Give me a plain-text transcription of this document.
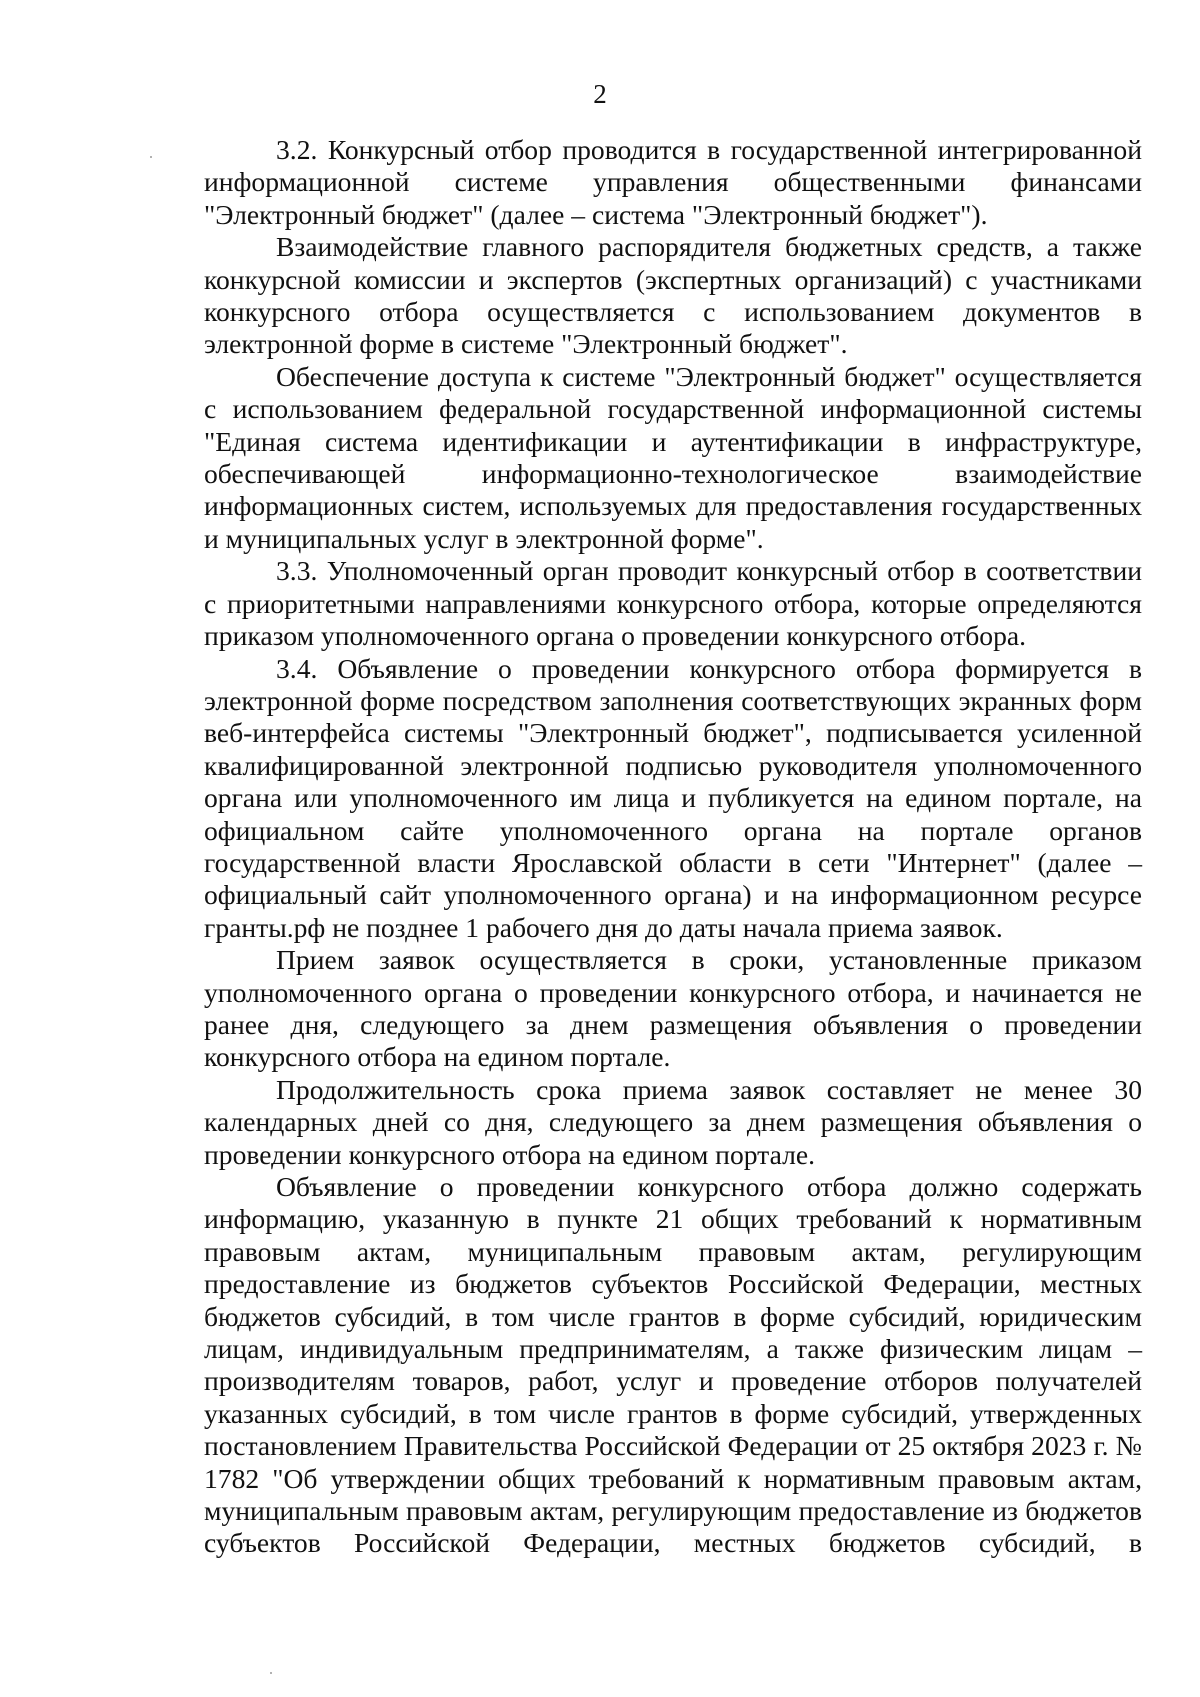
2

3.2. Конкурсный отбор проводится в государственной интегрированной информационной системе управления общественными финансами "Электронный бюджет" (далее – система "Электронный бюджет").

Взаимодействие главного распорядителя бюджетных средств, а также конкурсной комиссии и экспертов (экспертных организаций) с участниками конкурсного отбора осуществляется с использованием документов в электронной форме в системе "Электронный бюджет".

Обеспечение доступа к системе "Электронный бюджет" осуществляется с использованием федеральной государственной информационной системы "Единая система идентификации и аутентификации в инфраструктуре, обеспечивающей информационно-технологическое взаимодействие информационных систем, используемых для предоставления государственных и муниципальных услуг в электронной форме".

3.3. Уполномоченный орган проводит конкурсный отбор в соответствии с приоритетными направлениями конкурсного отбора, которые определяются приказом уполномоченного органа о проведении конкурсного отбора.

3.4. Объявление о проведении конкурсного отбора формируется в электронной форме посредством заполнения соответствующих экранных форм веб-интерфейса системы "Электронный бюджет", подписывается усиленной квалифицированной электронной подписью руководителя уполномоченного органа или уполномоченного им лица и публикуется на едином портале, на официальном сайте уполномоченного органа на портале органов государственной власти Ярославской области в сети "Интернет" (далее – официальный сайт уполномоченного органа) и на информационном ресурсе гранты.рф не позднее 1 рабочего дня до даты начала приема заявок.

Прием заявок осуществляется в сроки, установленные приказом уполномоченного органа о проведении конкурсного отбора, и начинается не ранее дня, следующего за днем размещения объявления о проведении конкурсного отбора на едином портале.

Продолжительность срока приема заявок составляет не менее 30 календарных дней со дня, следующего за днем размещения объявления о проведении конкурсного отбора на едином портале.

Объявление о проведении конкурсного отбора должно содержать информацию, указанную в пункте 21 общих требований к нормативным правовым актам, муниципальным правовым актам, регулирующим предоставление из бюджетов субъектов Российской Федерации, местных бюджетов субсидий, в том числе грантов в форме субсидий, юридическим лицам, индивидуальным предпринимателям, а также физическим лицам – производителям товаров, работ, услуг и проведение отборов получателей указанных субсидий, в том числе грантов в форме субсидий, утвержденных постановлением Правительства Российской Федерации от 25 октября 2023 г. № 1782 "Об утверждении общих требований к нормативным правовым актам, муниципальным правовым актам, регулирующим предоставление из бюджетов субъектов Российской Федерации, местных бюджетов субсидий, в
